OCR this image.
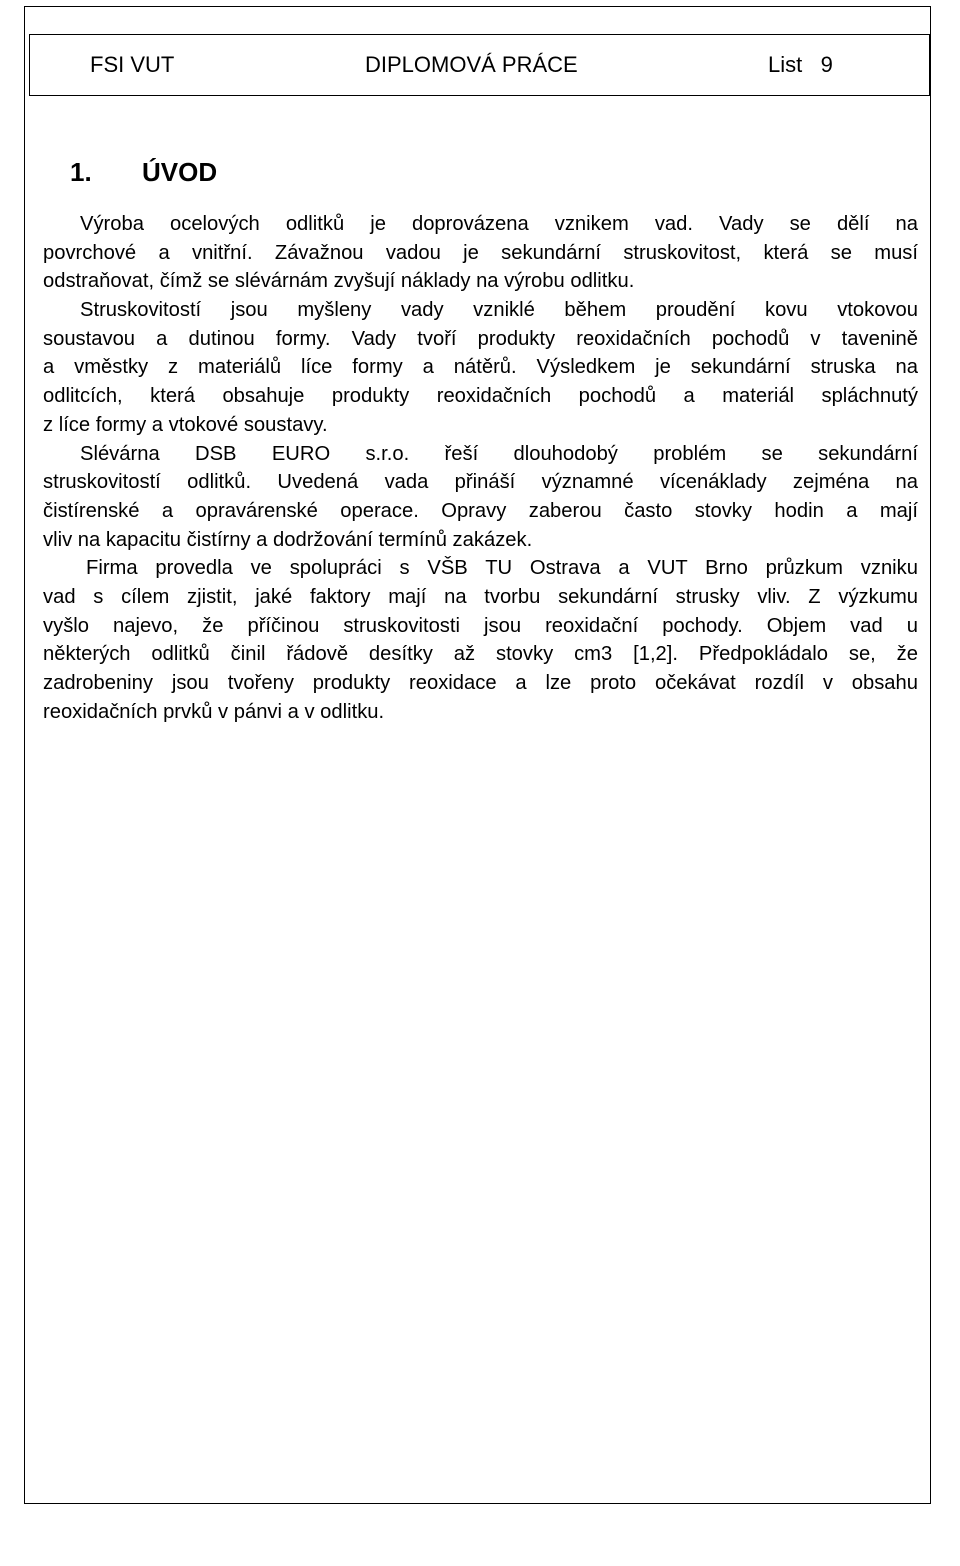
FSI VUT	DIPLOMOVÁ PRÁCE	List   9
1. ÚVOD
Výroba ocelových odlitků je doprovázena vznikem vad. Vady se dělí na
povrchové a vnitřní. Závažnou vadou je sekundární struskovitost, která se musí
odstraňovat, čímž se slévárnám zvyšují náklady na výrobu odlitku.
Struskovitostí jsou myšleny vady vzniklé během proudění kovu vtokovou
soustavou a dutinou formy. Vady tvoří produkty reoxidačních pochodů v tavenině
a vměstky z materiálů líce formy a nátěrů. Výsledkem je sekundární struska na
odlitcích, která obsahuje produkty reoxidačních pochodů a materiál spláchnutý
z líce formy a vtokové soustavy.
Slévárna DSB EURO s.r.o. řeší dlouhodobý problém se sekundární
struskovitostí odlitků. Uvedená vada přináší významné vícenáklady zejména na
čistírenské a opravárenské operace. Opravy zaberou často stovky hodin a mají
vliv na kapacitu čistírny a dodržování termínů zakázek.
Firma provedla ve spolupráci s VŠB TU Ostrava a VUT Brno průzkum vzniku
vad s cílem zjistit, jaké faktory mají na tvorbu sekundární strusky vliv. Z výzkumu
vyšlo najevo, že příčinou struskovitosti jsou reoxidační pochody. Objem vad u
některých odlitků činil řádově desítky až stovky cm3 [1,2]. Předpokládalo se, že
zadrobeniny jsou tvořeny produkty reoxidace a lze proto očekávat rozdíl v obsahu
reoxidačních prvků v pánvi a v odlitku.
